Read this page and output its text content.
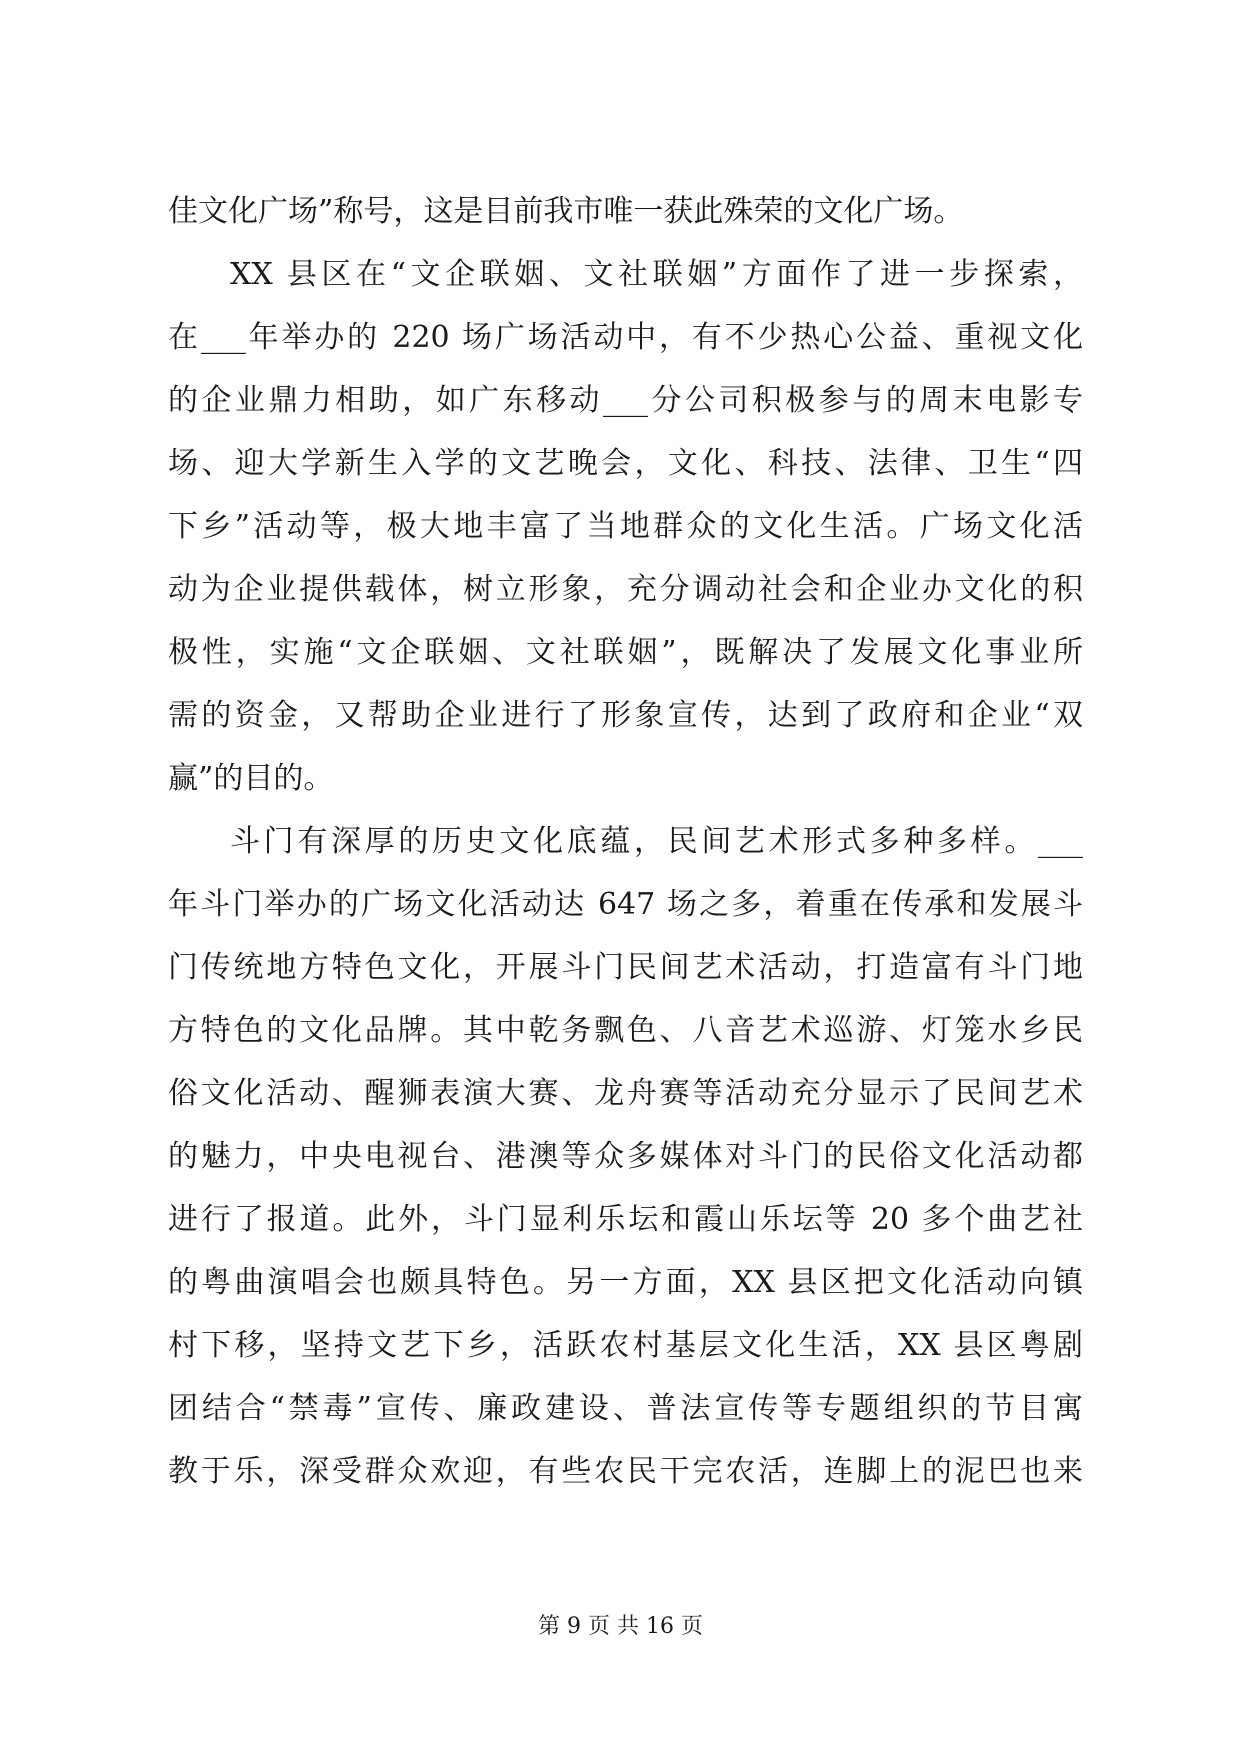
佳文化广场”称号，这是目前我市唯一获此殊荣的文化广场。
XX 县区在“文企联姻、文社联姻”方面作了进一步探索，
在___年举办的 220 场广场活动中，有不少热心公益、重视文化
的企业鼎力相助，如广东移动___分公司积极参与的周末电影专
场、迎大学新生入学的文艺晚会，文化、科技、法律、卫生“四
下乡”活动等，极大地丰富了当地群众的文化生活。广场文化活
动为企业提供载体，树立形象，充分调动社会和企业办文化的积
极性，实施“文企联姻、文社联姻”，既解决了发展文化事业所
需的资金，又帮助企业进行了形象宣传，达到了政府和企业“双
赢”的目的。
斗门有深厚的历史文化底蕴，民间艺术形式多种多样。___
年斗门举办的广场文化活动达 647 场之多，着重在传承和发展斗
门传统地方特色文化，开展斗门民间艺术活动，打造富有斗门地
方特色的文化品牌。其中乾务飘色、八音艺术巡游、灯笼水乡民
俗文化活动、醒狮表演大赛、龙舟赛等活动充分显示了民间艺术
的魅力，中央电视台、港澳等众多媒体对斗门的民俗文化活动都
进行了报道。此外，斗门显利乐坛和霞山乐坛等 20 多个曲艺社
的粤曲演唱会也颇具特色。另一方面，XX 县区把文化活动向镇
村下移，坚持文艺下乡，活跃农村基层文化生活，XX 县区粤剧
团结合“禁毒”宣传、廉政建设、普法宣传等专题组织的节目寓
教于乐，深受群众欢迎，有些农民干完农活，连脚上的泥巴也来
第 9 页 共 16 页
